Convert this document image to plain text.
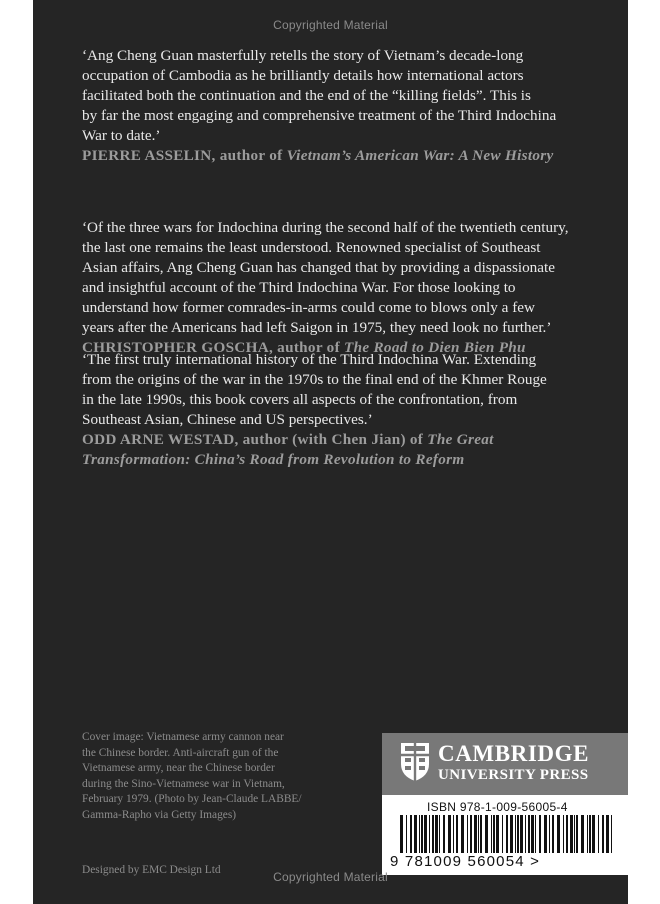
Copyrighted Material

‘Ang Cheng Guan masterfully retells the story of Vietnam’s decade-long

occupation of Cambodia as he brilliantly details how international actors

facilitated both the continuation and the end of the “killing fields”. This is

by far the most engaging and comprehensive treatment of the Third Indochina

War to date.’

PIERRE ASSELIN, author of Vietnam’s American War: A New History

‘Of the three wars for Indochina during the second half of the twentieth century,

the last one remains the least understood. Renowned specialist of Southeast

Asian affairs, Ang Cheng Guan has changed that by providing a dispassionate

and insightful account of the Third Indochina War. For those looking to

understand how former comrades-in-arms could come to blows only a few

years after the Americans had left Saigon in 1975, they need look no further.’

CHRISTOPHER GOSCHA, author of The Road to Dien Bien Phu

‘The first truly international history of the Third Indochina War. Extending

from the origins of the war in the 1970s to the final end of the Khmer Rouge

in the late 1990s, this book covers all aspects of the confrontation, from

Southeast Asian, Chinese and US perspectives.’

ODD ARNE WESTAD, author (with Chen Jian) of The Great

Transformation: China’s Road from Revolution to Reform

Cover image: Vietnamese army cannon near
the Chinese border. Anti-aircraft gun of the
Vietnamese army, near the Chinese border
during the Sino-Vietnamese war in Vietnam,
February 1979. (Photo by Jean-Claude LABBE/
Gamma-Rapho via Getty Images)
Designed by EMC Design Ltd
CAMBRIDGE
UNIVERSITY PRESS
ISBN 978-1-009-56005-4
9 781009 560054 >
Copyrighted Material
